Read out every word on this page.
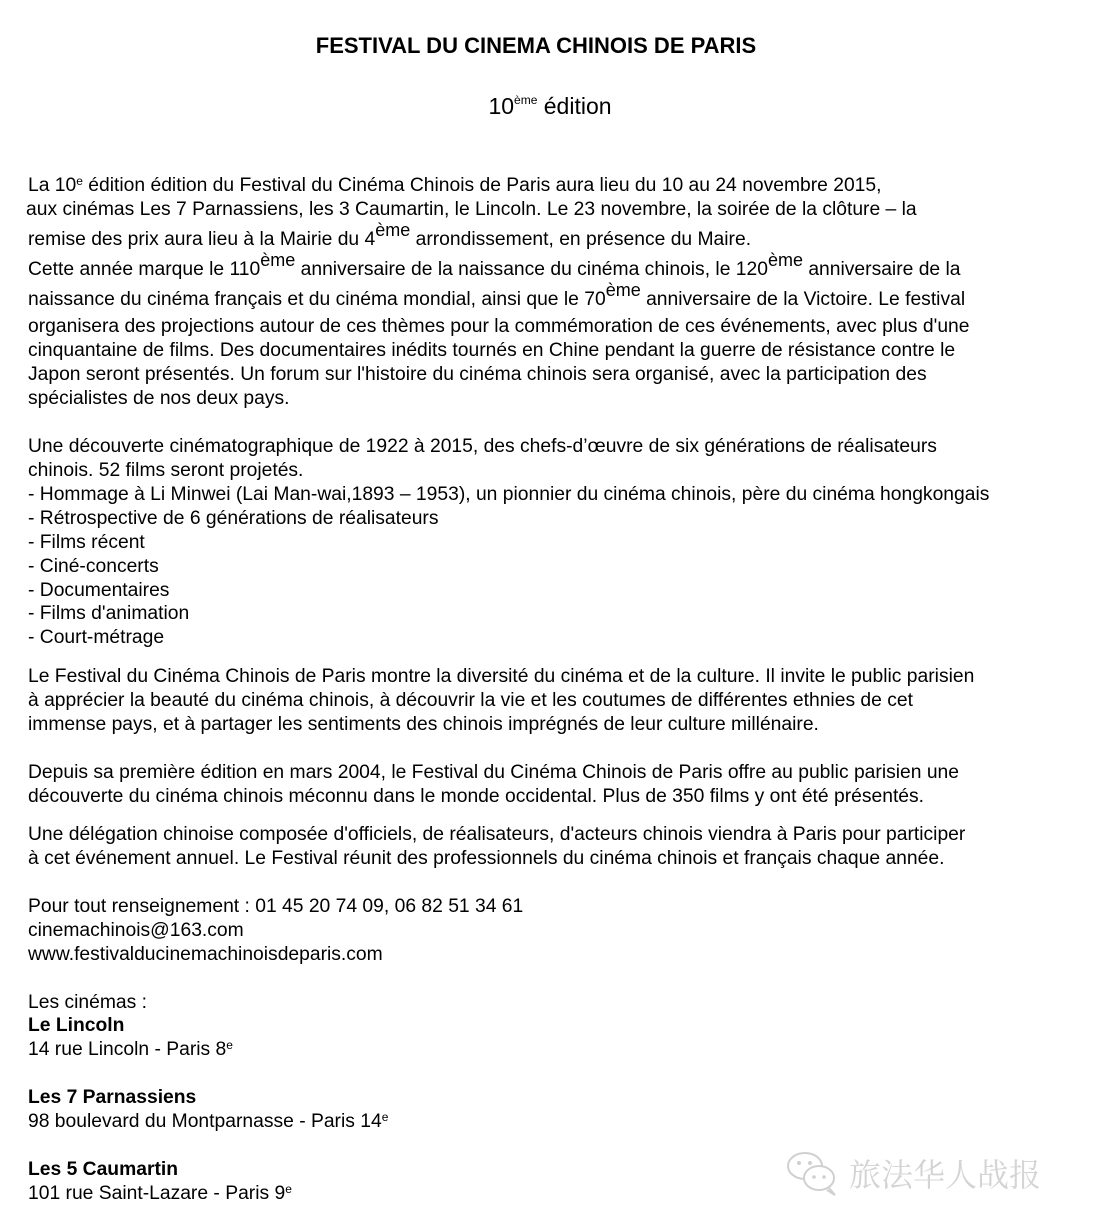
FESTIVAL DU CINEMA CHINOIS DE PARIS
10ème édition
La 10e édition édition du Festival du Cinéma Chinois de Paris aura lieu du 10 au 24 novembre 2015,
aux cinémas Les 7 Parnassiens, les 3 Caumartin, le Lincoln. Le 23 novembre, la soirée de la clôture – la
remise des prix aura lieu à la Mairie du 4ème arrondissement, en présence du Maire.
Cette année marque le 110ème anniversaire de la naissance du cinéma chinois, le 120ème anniversaire de la
naissance du cinéma français et du cinéma mondial, ainsi que le 70ème anniversaire de la Victoire. Le festival
organisera des projections autour de ces thèmes pour la commémoration de ces événements, avec plus d'une
cinquantaine de films. Des documentaires inédits tournés en Chine pendant la guerre de résistance contre le
Japon seront présentés. Un forum sur l'histoire du cinéma chinois sera organisé, avec la participation des
spécialistes de nos deux pays.
Une découverte cinématographique de 1922 à 2015, des chefs-d’œuvre de six générations de réalisateurs
chinois. 52 films seront projetés.
- Hommage à Li Minwei (Lai Man-wai,1893 – 1953), un pionnier du cinéma chinois, père du cinéma hongkongais
- Rétrospective de 6 générations de réalisateurs
- Films récent
- Ciné-concerts
- Documentaires
- Films d'animation
- Court-métrage
Le Festival du Cinéma Chinois de Paris montre la diversité du cinéma et de la culture. Il invite le public parisien
à apprécier la beauté du cinéma chinois, à découvrir la vie et les coutumes de différentes ethnies de cet
immense pays, et à partager les sentiments des chinois imprégnés de leur culture millénaire.
Depuis sa première édition en mars 2004, le Festival du Cinéma Chinois de Paris offre au public parisien une
découverte du cinéma chinois méconnu dans le monde occidental. Plus de 350 films y ont été présentés.
Une délégation chinoise composée d'officiels, de réalisateurs, d'acteurs chinois viendra à Paris pour participer
à cet événement annuel. Le Festival réunit des professionnels du cinéma chinois et français chaque année.
Pour tout renseignement : 01 45 20 74 09, 06 82 51 34 61
cinemachinois@163.com
www.festivalducinemachinoisdeparis.com
Les cinémas :
Le Lincoln
14 rue Lincoln - Paris 8e
Les 7 Parnassiens
98 boulevard du Montparnasse - Paris 14e
Les 5 Caumartin
101 rue Saint-Lazare - Paris 9e	旅法华人战报
